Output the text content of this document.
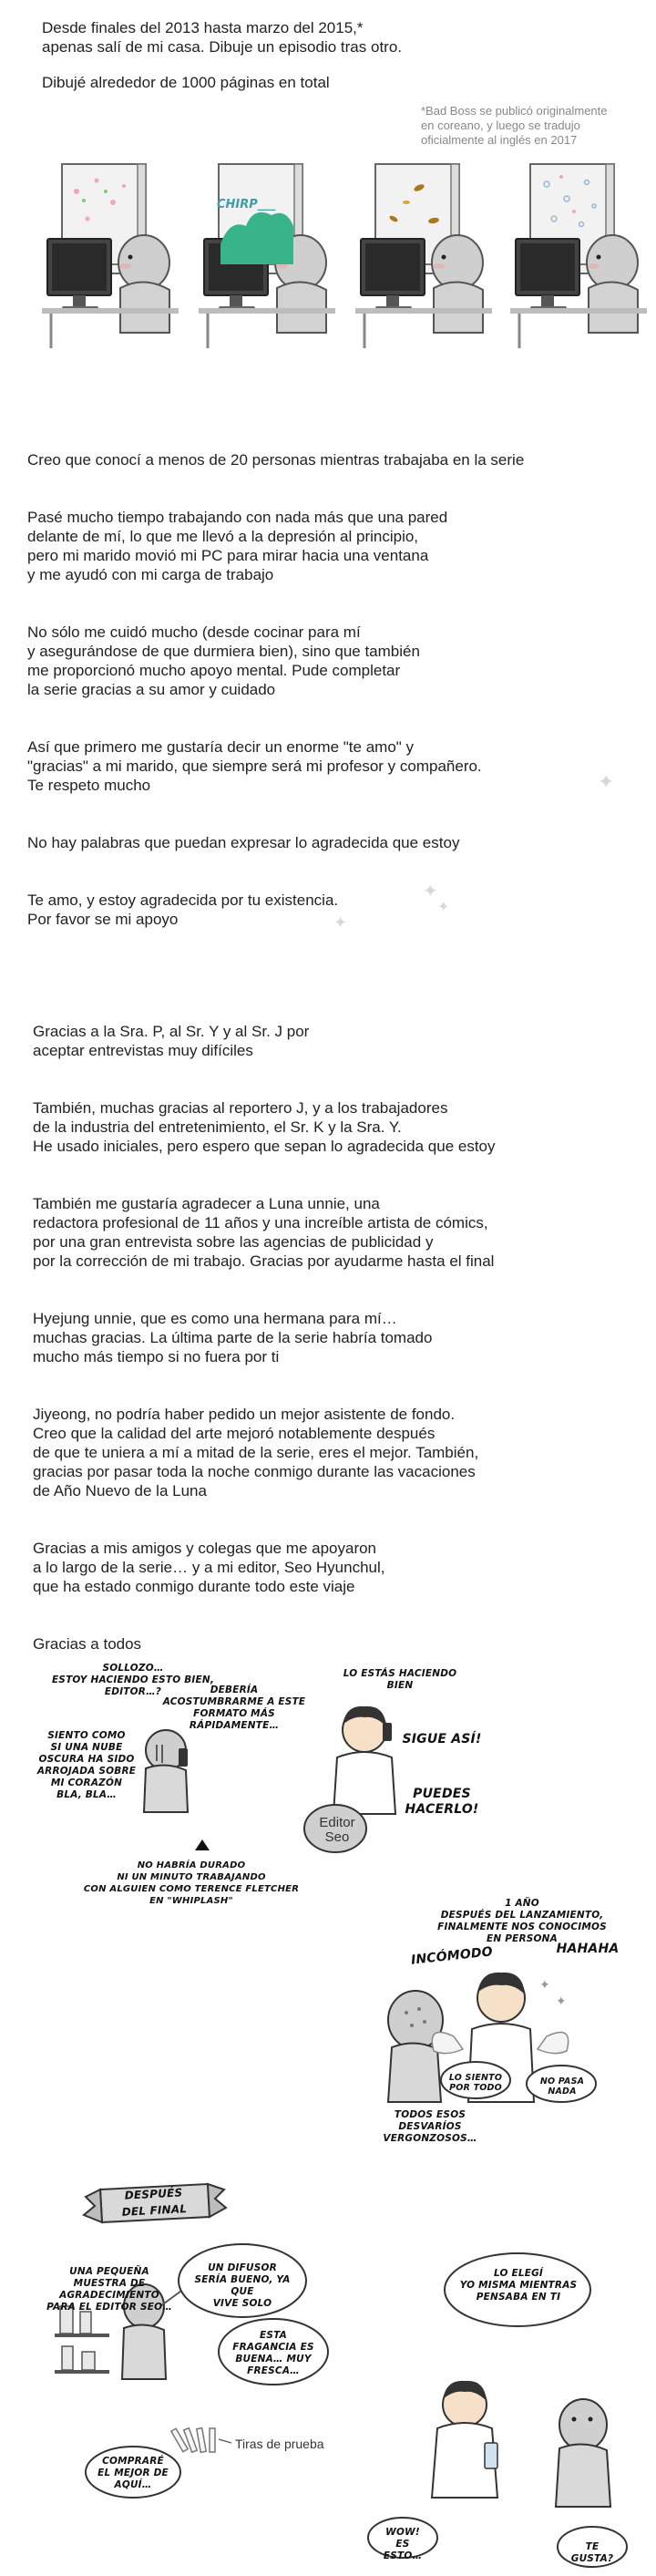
Desde finales del 2013 hasta marzo del 2015,*
apenas salí de mi casa. Dibuje un episodio tras otro.
Dibujé alrededor de 1000 páginas en total
*Bad Boss se publicó originalmente
en coreano, y luego se tradujo
oficialmente al inglés en 2017
CHIRP___

Creo que conocí a menos de 20 personas mientras trabajaba en la serie

Pasé mucho tiempo trabajando con nada más que una pared
delante de mí, lo que me llevó a la depresión al principio,
pero mi marido movió mi PC para mirar hacia una ventana
y me ayudó con mi carga de trabajo

No sólo me cuidó mucho (desde cocinar para mí
y asegurándose de que durmiera bien), sino que también
me proporcionó mucho apoyo mental. Pude completar
la serie gracias a su amor y cuidado

Así que primero me gustaría decir un enorme "te amo" y
"gracias" a mi marido, que siempre será mi profesor y compañero.
Te respeto mucho

No hay palabras que puedan expresar lo agradecida que estoy

Te amo, y estoy agradecida por tu existencia.
Por favor se mi apoyo

✦
✦
✦
✦

Gracias a la Sra. P, al Sr. Y y al Sr. J por
aceptar entrevistas muy difíciles

También, muchas gracias al reportero J, y a los trabajadores
de la industria del entretenimiento, el Sr. K y la Sra. Y.
He usado iniciales, pero espero que sepan lo agradecida que estoy

También me gustaría agradecer a Luna unnie, una
redactora profesional de 11 años y una increíble artista de cómics,
por una gran entrevista sobre las agencias de publicidad y
por la corrección de mi trabajo. Gracias por ayudarme hasta el final

Hyejung unnie, que es como una hermana para mí…
muchas gracias. La última parte de la serie habría tomado
mucho más tiempo si no fuera por ti

Jiyeong, no podría haber pedido un mejor asistente de fondo.
Creo que la calidad del arte mejoró notablemente después
de que te uniera a mí a mitad de la serie, eres el mejor. También,
gracias por pasar toda la noche conmigo durante las vacaciones
de Año Nuevo de la Luna

Gracias a mis amigos y colegas que me apoyaron
a lo largo de la serie… y a mi editor, Seo Hyunchul,
que ha estado conmigo durante todo este viaje

Gracias a todos

SOLLOZO…
ESTOY HACIENDO ESTO BIEN,
EDITOR…?	DEBERÍA
ACOSTUMBRARME A ESTE
FORMATO MÁS
RÁPIDAMENTE…
SIENTO COMO
SI UNA NUBE
OSCURA HA SIDO
ARROJADA SOBRE
MI CORAZÓN
BLA, BLA…
LO ESTÁS HACIENDO
BIEN
SIGUE ASÍ!
PUEDES
HACERLO!
Editor
Seo
NO HABRÍA DURADO
NI UN MINUTO TRABAJANDO
CON ALGUIEN COMO TERENCE FLETCHER
EN "WHIPLASH"	1 AÑO
DESPUÉS DEL LANZAMIENTO,
FINALMENTE NOS CONOCIMOS
EN PERSONA
✦
✦
INCÓMODO	HAHAHA
LO SIENTO
POR TODO
NO PASA
NADA
TODOS ESOS
DESVARÍOS VERGONZOSOS…
DESPUÉS
DEL FINAL
UNA PEQUEÑA
MUESTRA DE AGRADECIMIENTO
PARA EL EDITOR SEO…
UN DIFUSOR
SERÍA BUENO, YA QUE
VIVE SOLO
ESTA
FRAGANCIA ES
BUENA… MUY
FRESCA…
COMPRARÉ
EL MEJOR DE
AQUÍ…
Tiras de prueba
LO ELEGÍ
YO MISMA MIENTRAS
PENSABA EN TI
WOW!
ES ESTO…
TE GUSTA?
